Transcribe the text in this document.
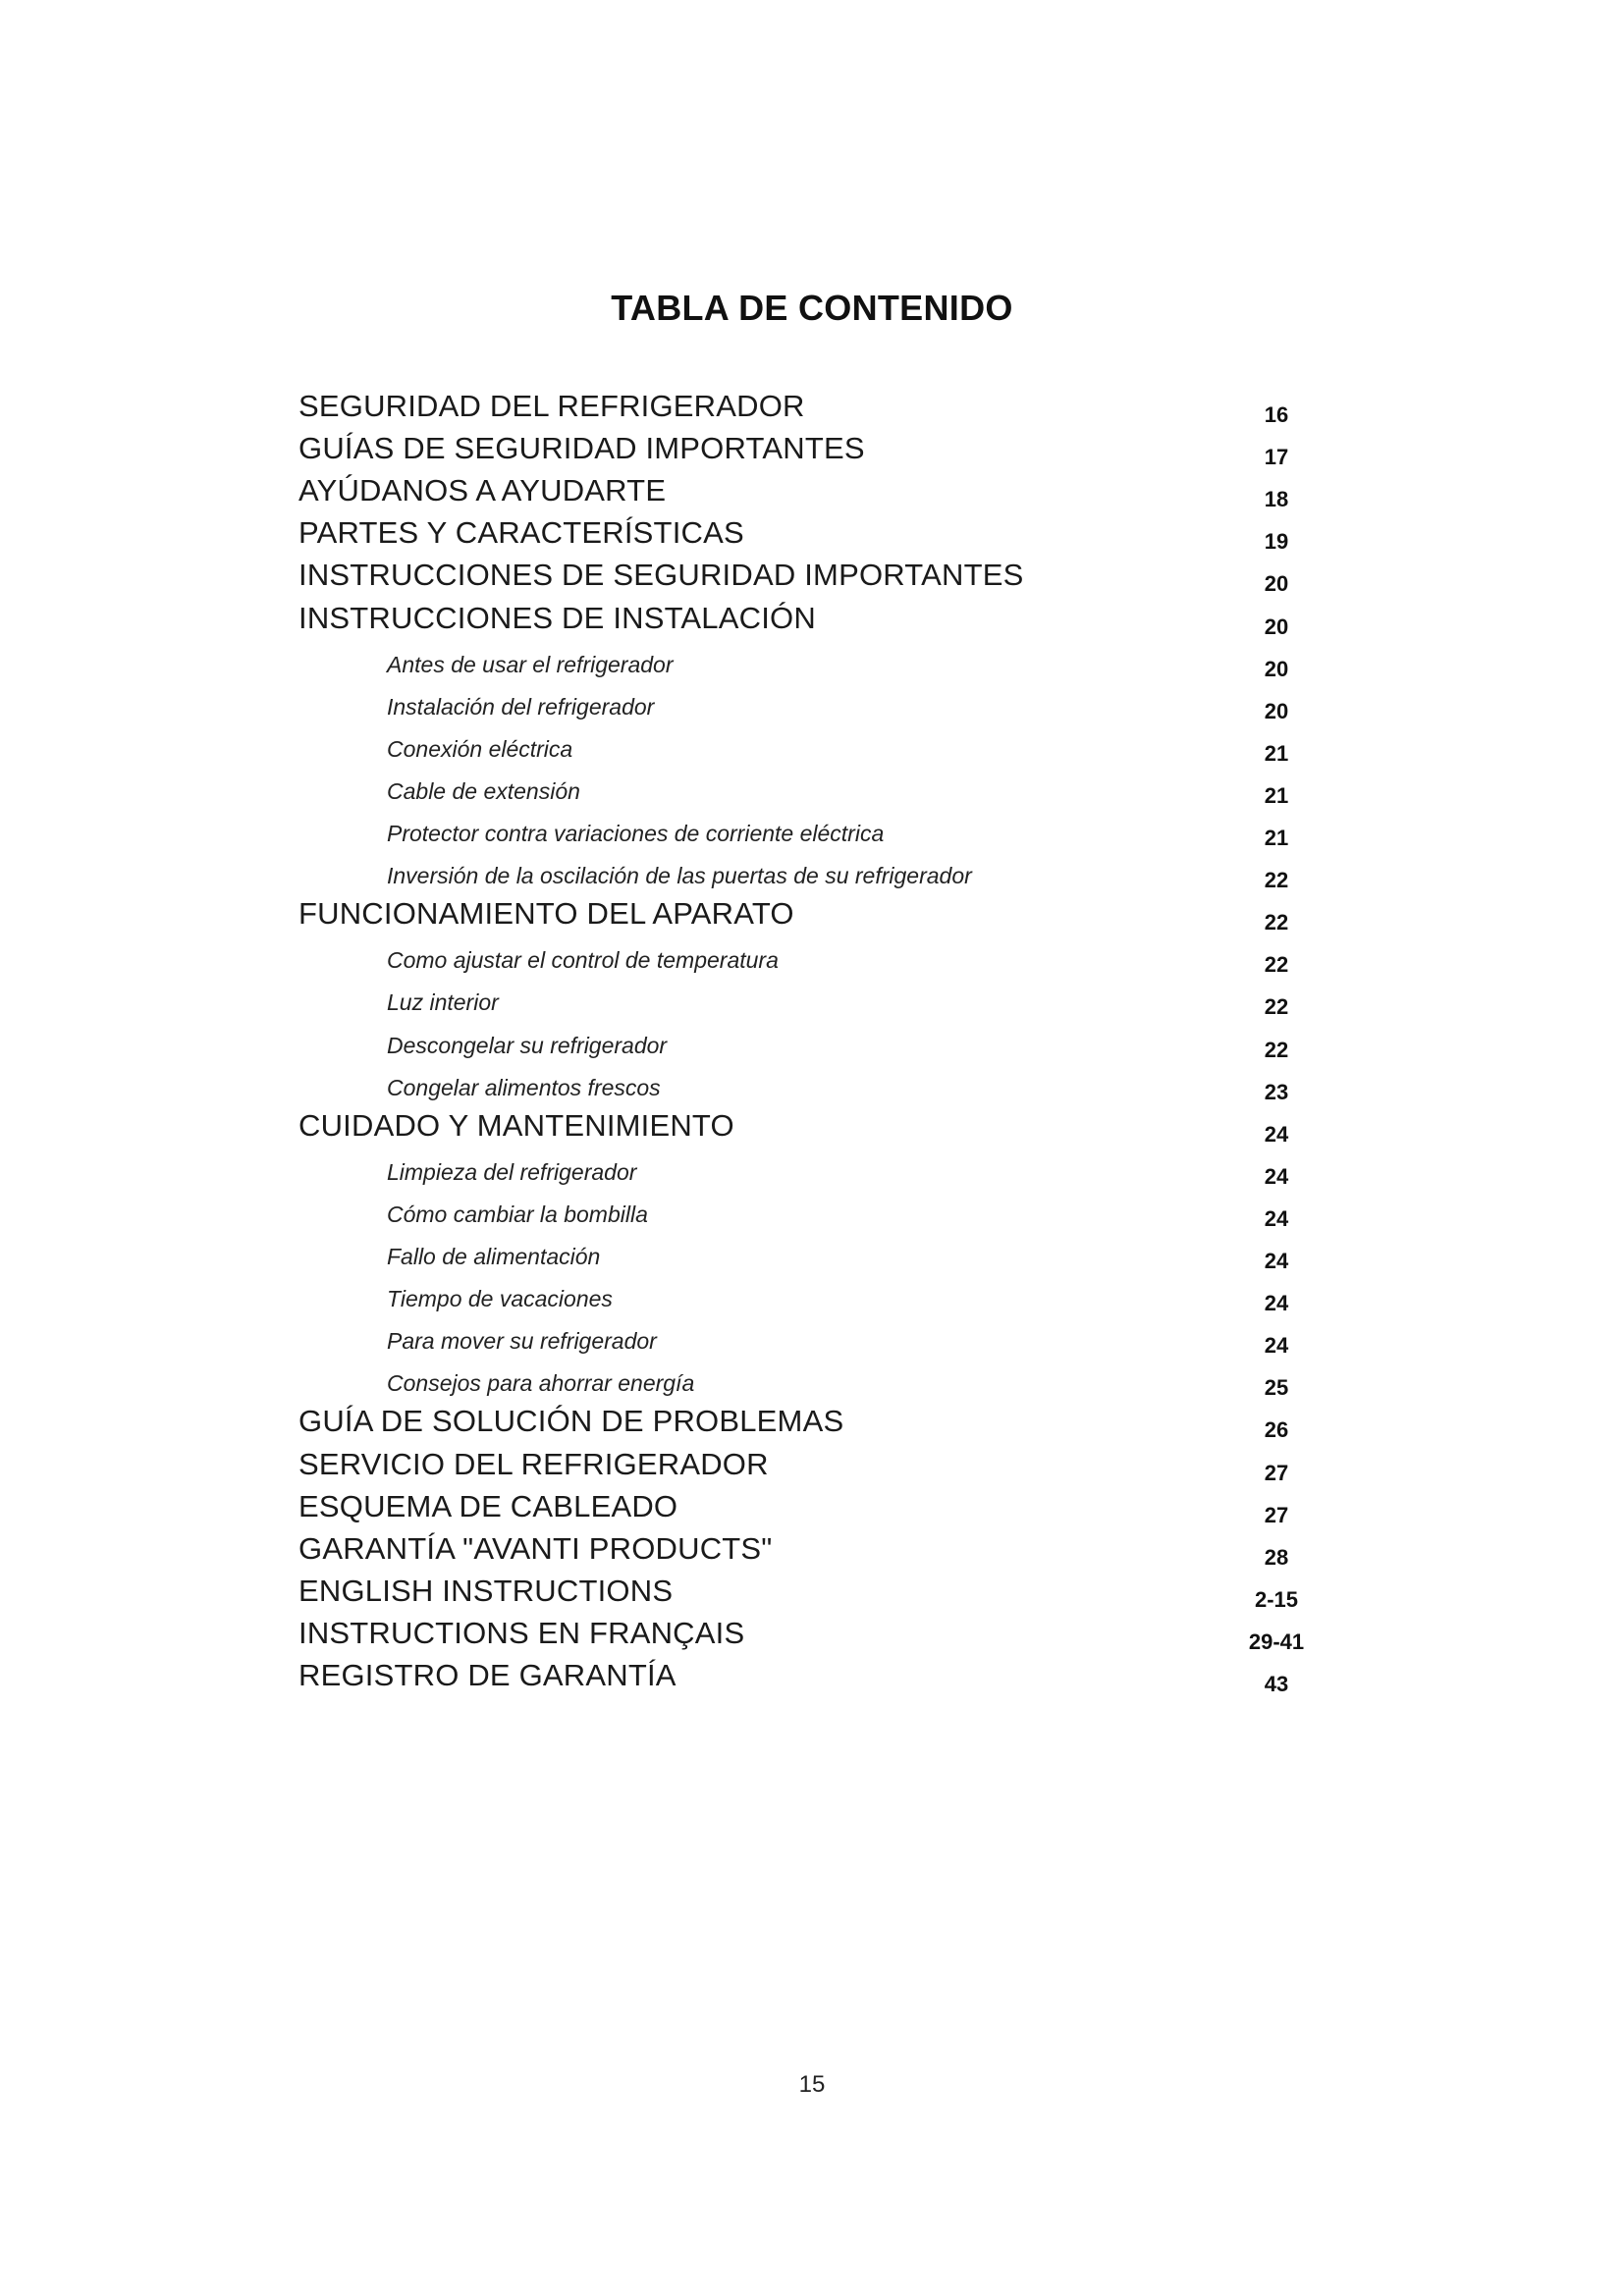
TABLA DE CONTENIDO
SEGURIDAD DEL REFRIGERADOR	16
GUÍAS DE SEGURIDAD IMPORTANTES	17
AYÚDANOS A AYUDARTE	18
PARTES Y CARACTERÍSTICAS	19
INSTRUCCIONES DE SEGURIDAD IMPORTANTES	20
INSTRUCCIONES DE INSTALACIÓN	20
Antes de usar el refrigerador	20
Instalación del refrigerador	20
Conexión eléctrica	21
Cable de extensión	21
Protector contra variaciones de corriente eléctrica	21
Inversión de la oscilación de las puertas de su refrigerador	22
FUNCIONAMIENTO DEL APARATO	22
Como ajustar el control de temperatura	22
Luz interior	22
Descongelar su refrigerador	22
Congelar alimentos frescos	23
CUIDADO Y MANTENIMIENTO	24
Limpieza del refrigerador	24
Cómo cambiar la bombilla	24
Fallo de alimentación	24
Tiempo de vacaciones	24
Para mover su refrigerador	24
Consejos para ahorrar energía	25
GUÍA DE SOLUCIÓN DE PROBLEMAS	26
SERVICIO DEL REFRIGERADOR	27
ESQUEMA DE CABLEADO	27
GARANTÍA "AVANTI PRODUCTS"	28
ENGLISH INSTRUCTIONS	2-15
INSTRUCTIONS EN FRANÇAIS	29-41
REGISTRO DE GARANTÍA	43
15
